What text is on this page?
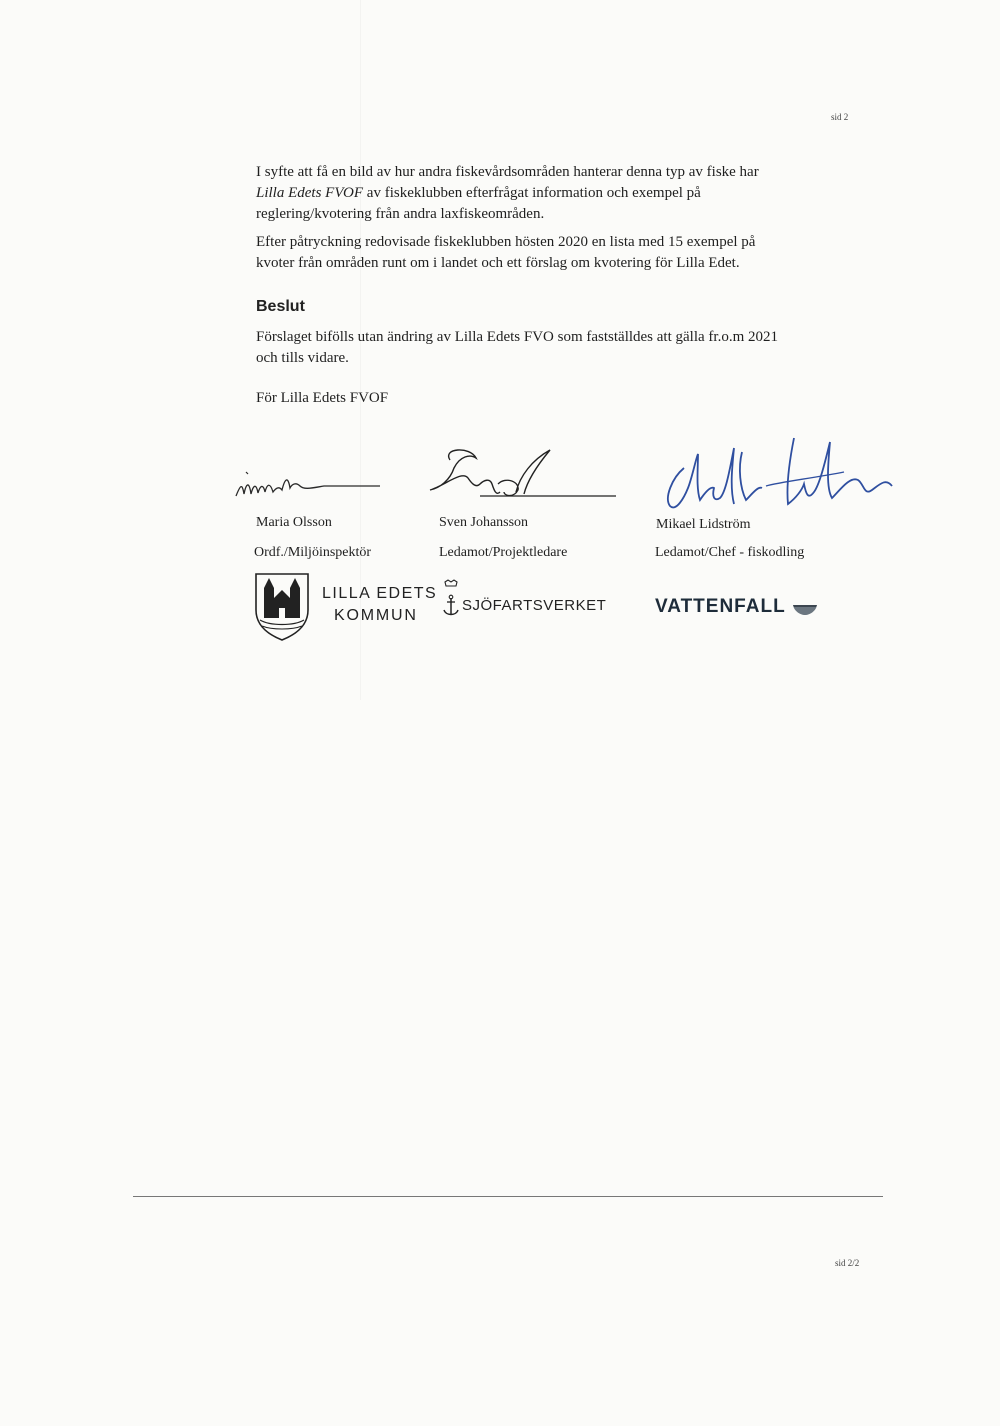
sid 2
I syfte att få en bild av hur andra fiskevårdsområden hanterar denna typ av fiske har
Lilla Edets FVOF av fiskeklubben efterfrågat information och exempel på
reglering/kvotering från andra laxfiskeområden.
Efter påtryckning redovisade fiskeklubben hösten 2020 en lista med 15 exempel på
kvoter från områden runt om i landet och ett förslag om kvotering för Lilla Edet.
Beslut
Förslaget bifölls utan ändring av Lilla Edets FVO som fastställdes att gälla fr.o.m 2021
och tills vidare.
För Lilla Edets FVOF
Maria Olsson	Sven Johansson	Mikael Lidström
Ordf./Miljöinspektör	Ledamot/Projektledare	Ledamot/Chef - fiskodling
LILLA EDETS
KOMMUN
SJÖFARTSVERKET	VATTENFALL
sid 2/2
